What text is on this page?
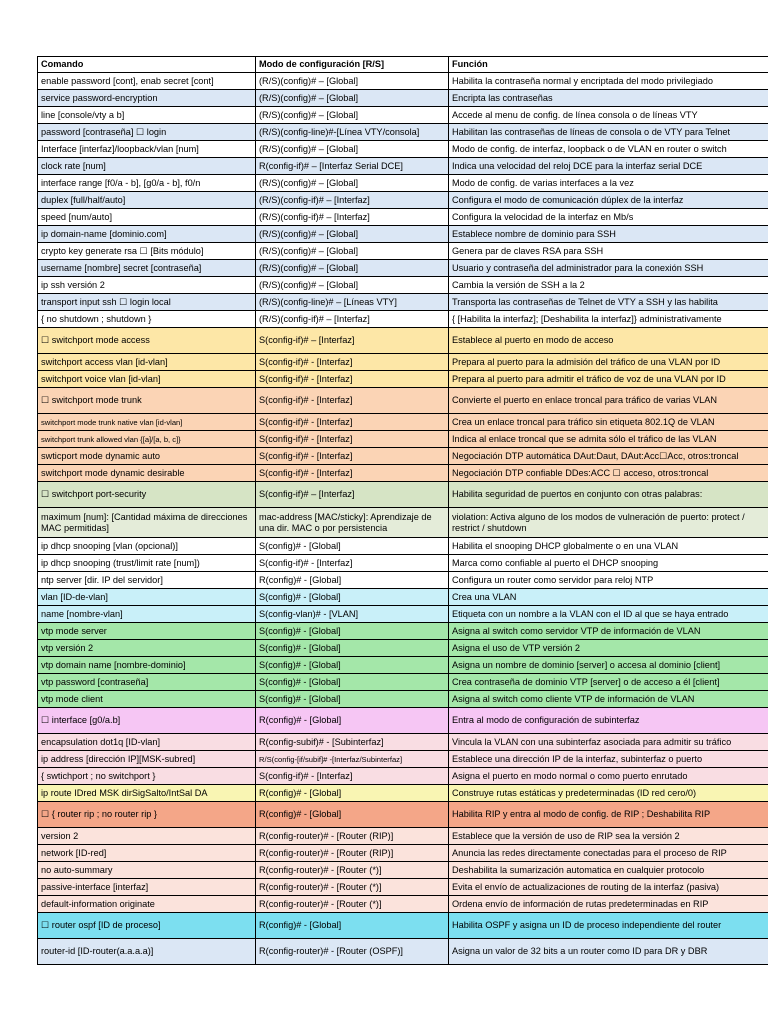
Comando	Modo de configuración [R/S]	Función
enable password [cont], enab secret [cont]	(R/S)(config)# – [Global]	Habilita la contraseña normal y encriptada del modo privilegiado
service password-encryption	(R/S)(config)# – [Global]	Encripta las contraseñas
line [console/vty a b]	(R/S)(config)# – [Global]	Accede al menu de config. de línea consola o de líneas VTY
password [contraseña] ☐ login	(R/S)(config-line)#-[Línea VTY/consola]	Habilitan las contraseñas de líneas de consola o de VTY para Telnet
Interface [interfaz]/loopback/vlan [num]	(R/S)(config)# – [Global]	Modo de config. de interfaz, loopback o de VLAN en router o switch
clock rate [num]	R(config-if)# – [Interfaz Serial DCE]	Indica una velocidad del reloj DCE para la interfaz serial DCE
interface range [f0/a - b], [g0/a - b], f0/n	(R/S)(config)# – [Global]	Modo de config. de varias interfaces a la vez
duplex [full/half/auto]	(R/S)(config-if)# – [Interfaz]	Configura el modo de comunicación dúplex de la interfaz
speed [num/auto]	(R/S)(config-if)# – [Interfaz]	Configura la velocidad de la interfaz en Mb/s
ip domain-name [dominio.com]	(R/S)(config)# – [Global]	Establece nombre de dominio para SSH
crypto key generate rsa ☐ [Bits módulo]	(R/S)(config)# – [Global]	Genera par de claves RSA para SSH
username [nombre] secret [contraseña]	(R/S)(config)# – [Global]	Usuario y contraseña del administrador para la conexión SSH
ip ssh versión 2	(R/S)(config)# – [Global]	Cambia la versión de SSH a la 2
transport input ssh ☐ login local	(R/S)(config-line)# – [Líneas VTY]	Transporta las contraseñas de Telnet de VTY a SSH y las habilita
{ no shutdown ; shutdown }	(R/S)(config-if)# – [Interfaz]	{ [Habilita la interfaz]; [Deshabilita la interfaz]} administrativamente
☐ switchport mode access	S(config-if)# – [Interfaz]	Establece al puerto en modo de acceso
switchport access vlan [id-vlan]	S(config-if)# - [Interfaz]	Prepara al puerto para la admisión del tráfico de una VLAN por ID
switchport voice vlan [id-vlan]	S(config-if)# - [Interfaz]	Prepara al puerto para admitir el tráfico de voz de una VLAN por ID
☐ switchport mode trunk	S(config-if)# - [Interfaz]	Convierte el puerto en enlace troncal para tráfico de varias VLAN
switchport mode trunk native vlan [id-vlan]	S(config-if)# - [Interfaz]	Crea un enlace troncal para tráfico sin etiqueta 802.1Q de VLAN
switchport trunk allowed vlan {[a]/[a, b, c]}	S(config-if)# - [Interfaz]	Indica al enlace troncal que se admita sólo el tráfico de las VLAN
swticport mode dynamic auto	S(config-if)# - [Interfaz]	Negociación DTP automática DAut:Daut, DAut:Acc☐Acc, otros:troncal
switchport mode dynamic desirable	S(config-if)# - [Interfaz]	Negociación DTP confiable DDes:ACC ☐ acceso, otros:troncal
☐ switchport port-security	S(config-if)# – [Interfaz]	Habilita seguridad de puertos en conjunto con otras palabras:
maximum [num]: [Cantidad máxima de direcciones MAC permitidas]	mac-address [MAC/sticky]: Aprendizaje de una dir. MAC o por persistencia	violation: Activa alguno de los modos de vulneración de puerto: protect / restrict / shutdown
ip dhcp snooping [vlan (opcional)]	S(config)# - [Global]	Habilita el snooping DHCP globalmente o en una VLAN
ip dhcp snooping (trust/limit rate [num])	S(config-if)# - [Interfaz]	Marca como confiable al puerto el DHCP snooping
ntp server [dir. IP del servidor]	R(config)# - [Global]	Configura un router como servidor para reloj NTP
vlan [ID-de-vlan]	S(config)# - [Global]	Crea una VLAN
name [nombre-vlan]	S(config-vlan)# - [VLAN]	Etiqueta con un nombre a la VLAN con el ID al que se haya entrado
vtp mode server	S(config)# - [Global]	Asigna al switch como servidor VTP de información de VLAN
vtp versión 2	S(config)# - [Global]	Asigna el uso de VTP versión 2
vtp domain name [nombre-dominio]	S(config)# - [Global]	Asigna un nombre de dominio [server] o accesa al dominio [client]
vtp password [contraseña]	S(config)# - [Global]	Crea contraseña de dominio VTP [server] o de acceso a él [client]
vtp mode client	S(config)# - [Global]	Asigna al switch como cliente VTP de información de VLAN
☐ interface [g0/a.b]	R(config)# - [Global]	Entra al modo de configuración de subinterfaz
encapsulation dot1q [ID-vlan]	R(config-subif)# - [Subinterfaz]	Vincula la VLAN con una subinterfaz asociada para admitir su tráfico
ip address [dirección IP][MSK-subred]	R/S(config-[if/subif]# -[Interfaz/Subinterfaz]	Establece una dirección IP de la interfaz, subinterfaz o puerto
{ swtichport ; no switchport }	S(config-if)# - [Interfaz]	Asigna el puerto en modo normal o como puerto enrutado
ip route IDred MSK dirSigSalto/IntSal DA	R(config)# - [Global]	Construye rutas estáticas y predeterminadas (ID red cero/0)
☐ { router rip ; no router rip }	R(config)# - [Global]	Habilita RIP y entra al modo de config. de RIP ; Deshabilita RIP
version 2	R(config-router)# - [Router (RIP)]	Establece que la versión de uso de RIP sea la versión 2
network [ID-red]	R(config-router)# - [Router (RIP)]	Anuncia las redes directamente conectadas para el proceso de RIP
no auto-summary	R(config-router)# - [Router (*)]	Deshabilita la sumarización automatica en cualquier protocolo
passive-interface [interfaz]	R(config-router)# - [Router (*)]	Evita el envío de actualizaciones de routing de la interfaz (pasiva)
default-information originate	R(config-router)# - [Router (*)]	Ordena envío de información de rutas predeterminadas en RIP
☐ router ospf [ID de proceso]	R(config)# - [Global]	Habilita OSPF y asigna un ID de proceso independiente del router
router-id [ID-router(a.a.a.a)]	R(config-router)# - [Router (OSPF)]	Asigna un valor de 32 bits a un router como ID para DR y DBR
